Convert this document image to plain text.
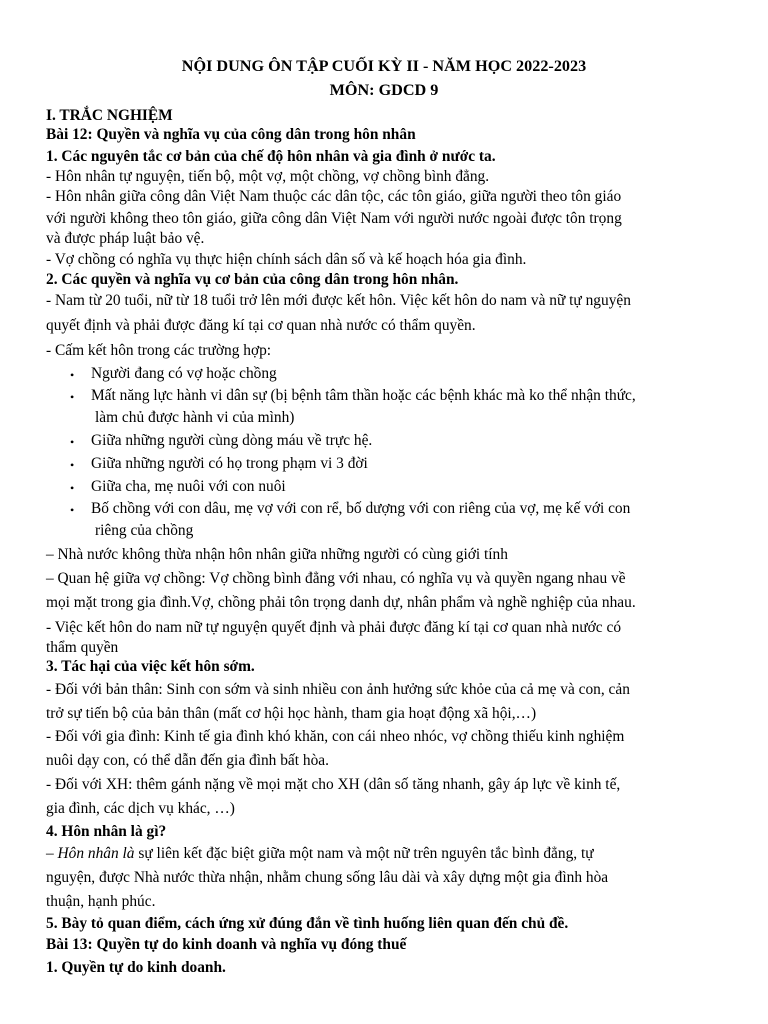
NỘI DUNG ÔN TẬP CUỐI KỲ II - NĂM HỌC 2022-2023
MÔN: GDCD 9
I. TRẮC NGHIỆM
Bài 12: Quyền và nghĩa vụ của công dân trong hôn nhân
1. Các nguyên tắc cơ bản của chế độ hôn nhân và gia đình ở nước ta.
- Hôn nhân tự nguyện, tiến bộ, một vợ, một chồng, vợ chồng bình đẳng.
- Hôn nhân giữa công dân Việt Nam thuộc các dân tộc, các tôn giáo, giữa người theo tôn giáo
với người không theo tôn giáo, giữa công dân Việt Nam với người nước ngoài được tôn trọng
và được pháp luật bảo vệ.
- Vợ chồng có nghĩa vụ thực hiện chính sách dân số và kế hoạch hóa gia đình.
2. Các quyền và nghĩa vụ cơ bản của công dân trong hôn nhân.
- Nam từ 20 tuổi, nữ từ 18 tuổi trở lên mới được kết hôn. Việc kết hôn do nam và nữ tự nguyện
quyết định và phải được đăng kí tại cơ quan nhà nước có thẩm quyền.
- Cấm kết hôn trong các trường hợp:
• Người đang có vợ hoặc chồng
• Mất năng lực hành vi dân sự (bị bệnh tâm thần hoặc các bệnh khác mà ko thể nhận thức,
làm chủ được hành vi của mình)
• Giữa những người cùng dòng máu về trực hệ.
• Giữa những người có họ trong phạm vi 3 đời
• Giữa cha, mẹ nuôi với con nuôi
• Bố chồng với con dâu, mẹ vợ với con rể, bố dượng với con riêng của vợ, mẹ kế với con
riêng của chồng
– Nhà nước không thừa nhận hôn nhân giữa những người có cùng giới tính
– Quan hệ giữa vợ chồng: Vợ chồng bình đẳng với nhau, có nghĩa vụ và quyền ngang nhau về
mọi mặt trong gia đình.Vợ, chồng phải tôn trọng danh dự, nhân phẩm và nghề nghiệp của nhau.
- Việc kết hôn do nam nữ tự nguyện quyết định và phải được đăng kí tại cơ quan nhà nước có
thẩm quyền
3. Tác hại của việc kết hôn sớm.
- Đối với bản thân: Sinh con sớm và sinh nhiều con ảnh hưởng sức khỏe của cả mẹ và con, cản
trở sự tiến bộ của bản thân (mất cơ hội học hành, tham gia hoạt động xã hội,…)
- Đối với gia đình: Kinh tế gia đình khó khăn, con cái nheo nhóc, vợ chồng thiếu kinh nghiệm
nuôi dạy con, có thể dẫn đến gia đình bất hòa.
- Đối với XH: thêm gánh nặng về mọi mặt cho XH (dân số tăng nhanh, gây áp lực về kinh tế,
gia đình, các dịch vụ khác, …)
4. Hôn nhân là gì?
– Hôn nhân là sự liên kết đặc biệt giữa một nam và một nữ trên nguyên tắc bình đẳng, tự
nguyện, được Nhà nước thừa nhận, nhằm chung sống lâu dài và xây dựng một gia đình hòa
thuận, hạnh phúc.
5. Bày tỏ quan điểm, cách ứng xử đúng đắn về tình huống liên quan đến chủ đề.
Bài 13: Quyền tự do kinh doanh và nghĩa vụ đóng thuế
1. Quyền tự do kinh doanh.
